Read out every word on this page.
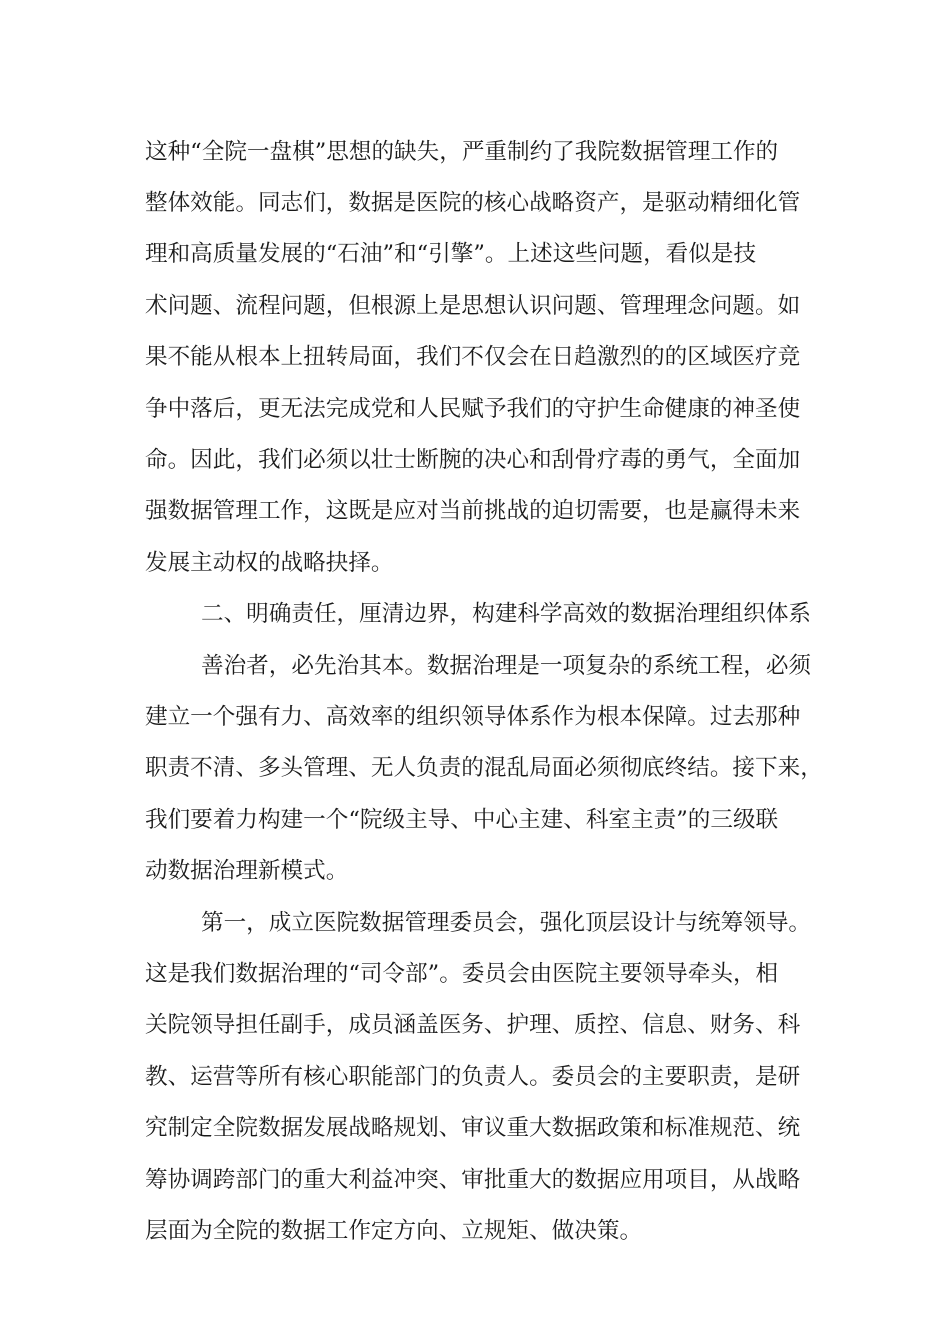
这种“全院一盘棋”思想的缺失，严重制约了我院数据管理工作的
整体效能。同志们，数据是医院的核心战略资产，是驱动精细化管
理和高质量发展的“石油”和“引擎”。上述这些问题，看似是技
术问题、流程问题，但根源上是思想认识问题、管理理念问题。如
果不能从根本上扭转局面，我们不仅会在日趋激烈的的区域医疗竞
争中落后，更无法完成党和人民赋予我们的守护生命健康的神圣使
命。因此，我们必须以壮士断腕的决心和刮骨疗毒的勇气，全面加
强数据管理工作，这既是应对当前挑战的迫切需要，也是赢得未来
发展主动权的战略抉择。
二、明确责任，厘清边界，构建科学高效的数据治理组织体系
善治者，必先治其本。数据治理是一项复杂的系统工程，必须
建立一个强有力、高效率的组织领导体系作为根本保障。过去那种
职责不清、多头管理、无人负责的混乱局面必须彻底终结。接下来，
我们要着力构建一个“院级主导、中心主建、科室主责”的三级联
动数据治理新模式。
第一，成立医院数据管理委员会，强化顶层设计与统筹领导。
这是我们数据治理的“司令部”。委员会由医院主要领导牵头，相
关院领导担任副手，成员涵盖医务、护理、质控、信息、财务、科
教、运营等所有核心职能部门的负责人。委员会的主要职责，是研
究制定全院数据发展战略规划、审议重大数据政策和标准规范、统
筹协调跨部门的重大利益冲突、审批重大的数据应用项目，从战略
层面为全院的数据工作定方向、立规矩、做决策。
